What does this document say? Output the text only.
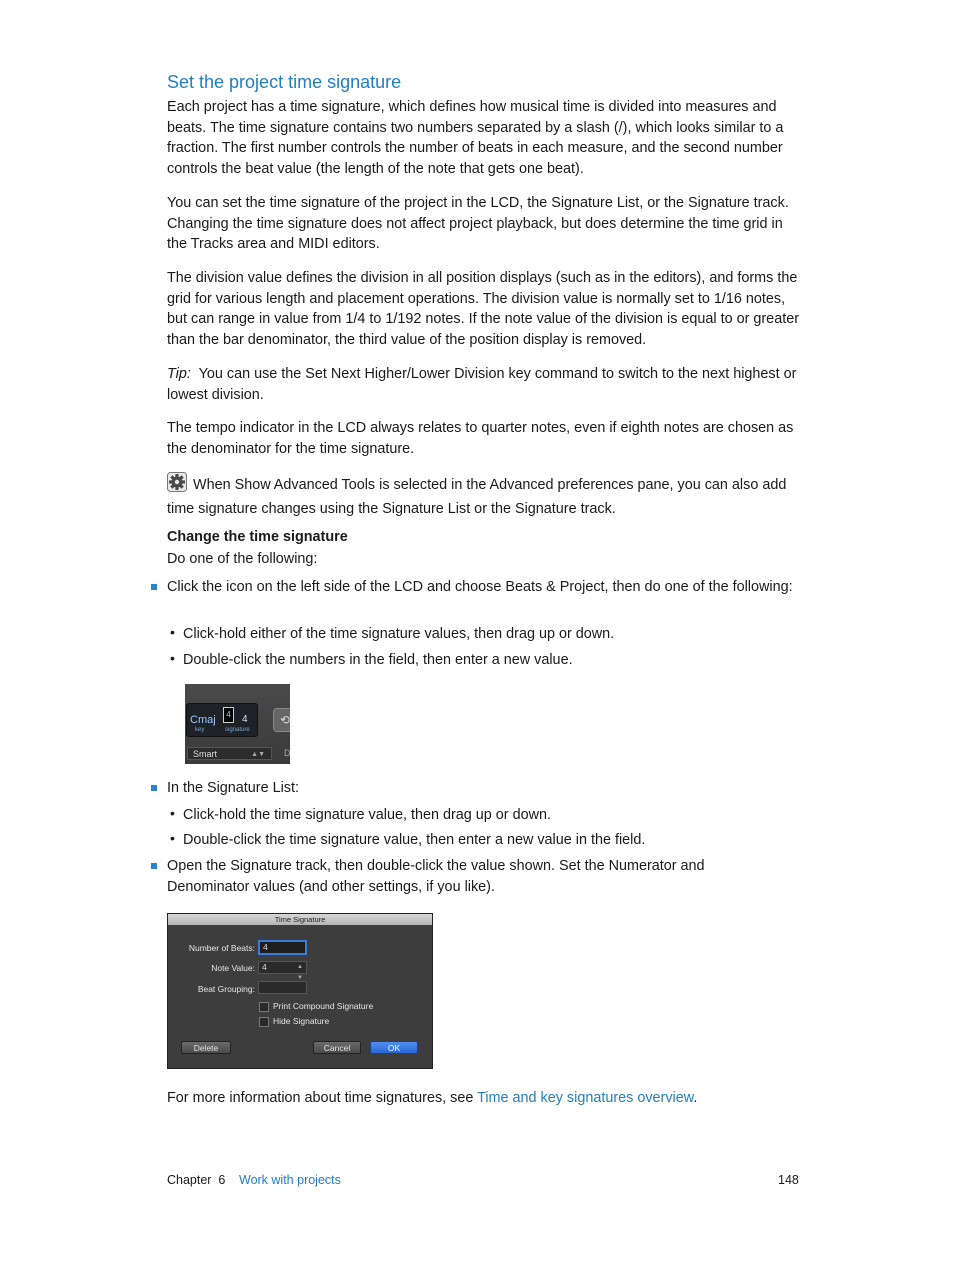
Set the project time signature

Each project has a time signature, which defines how musical time is divided into measures and beats. The time signature contains two numbers separated by a slash (/), which looks similar to a fraction. The first number controls the number of beats in each measure, and the second number controls the beat value (the length of the note that gets one beat).

You can set the time signature of the project in the LCD, the Signature List, or the Signature track. Changing the time signature does not affect project playback, but does determine the time grid in the Tracks area and MIDI editors.

The division value defines the division in all position displays (such as in the editors), and forms the grid for various length and placement operations. The division value is normally set to 1/16 notes, but can range in value from 1/4 to 1/192 notes. If the note value of the division is equal to or greater than the bar denominator, the third value of the position display is removed.

Tip: You can use the Set Next Higher/Lower Division key command to switch to the next highest or lowest division.

The tempo indicator in the LCD always relates to quarter notes, even if eighth notes are chosen as the denominator for the time signature.

When Show Advanced Tools is selected in the Advanced preferences pane, you can also add time signature changes using the Signature List or the Signature track.

Change the time signature
Do one of the following:

Click the icon on the left side of the LCD and choose Beats & Project, then do one of the following:

• Click-hold either of the time signature values, then drag up or down.

• Double-click the numbers in the field, then enter a new value.

Cmaj	4	4
key	signature
⟲
Smart	▲▼ D

In the Signature List:

• Click-hold the time signature value, then drag up or down.

• Double-click the time signature value, then enter a new value in the field.

Open the Signature track, then double-click the value shown. Set the Numerator and Denominator values (and other settings, if you like).

Time Signature
Number of Beats: 4
Note Value: 4	▲
▼
Beat Grouping:
Print Compound Signature
Hide Signature
Delete	Cancel	OK

For more information about time signatures, see Time and key signatures overview.

Chapter  6 Work with projects	148
